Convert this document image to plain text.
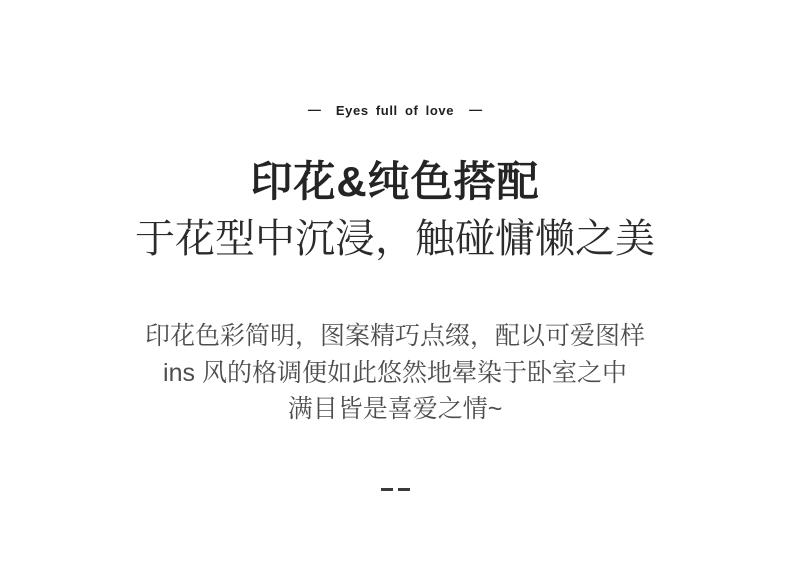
— Eyes full of love —
印花&纯色搭配
于花型中沉浸，触碰慵懒之美

印花色彩简明，图案精巧点缀，配以可爱图样

ins 风的格调便如此悠然地晕染于卧室之中

满目皆是喜爱之情~
